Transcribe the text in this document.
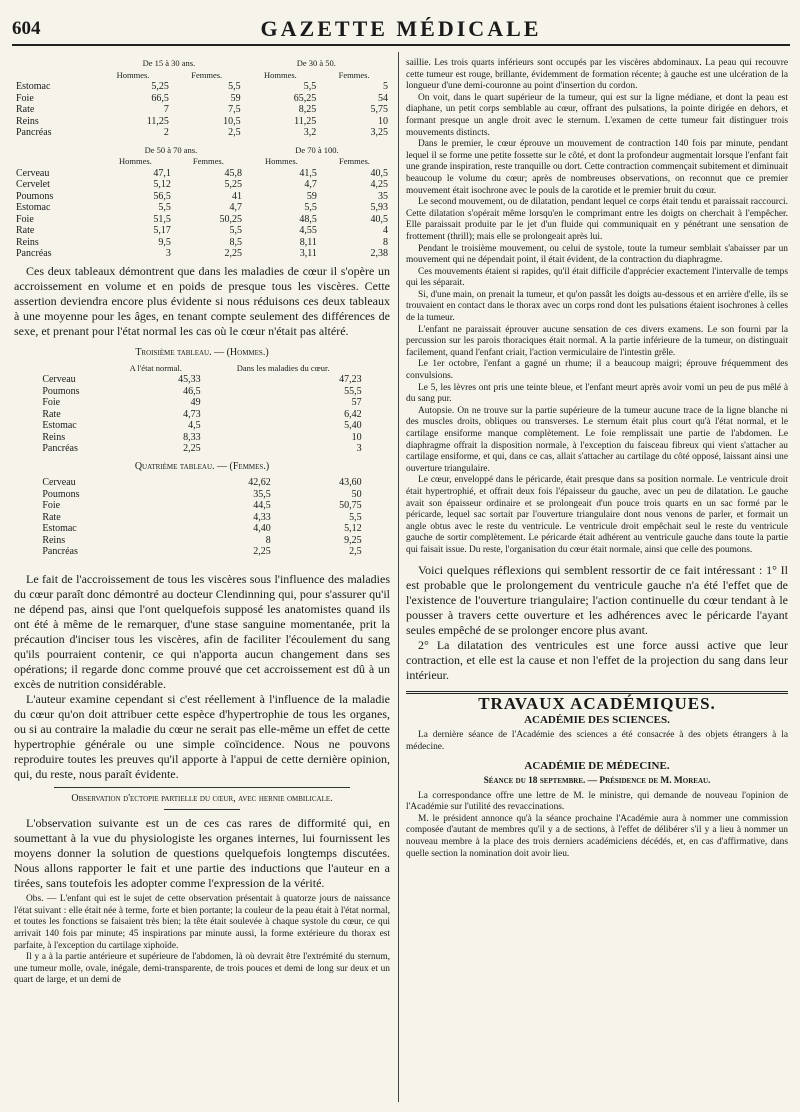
604	GAZETTE MÉDICALE
	De 15 à 30 ans.		De 30 à 50.	
	Hommes.	Femmes.	Hommes.	Femmes.
Estomac	5,25	5,5	5,5	5
Foie	66,5	59	65,25	54
Rate	7	7,5	8,25	5,75
Reins	11,25	10,5	11,25	10
Pancréas	2	2,5	3,2	3,25
	De 50 à 70 ans.		De 70 à 100.	
	Hommes.	Femmes.	Hommes.	Femmes.
Cerveau	47,1	45,8	41,5	40,5
Cervelet	5,12	5,25	4,7	4,25
Poumons	56,5	41	59	35
Estomac	5,5	4,7	5,5	5,93
Foie	51,5	50,25	48,5	40,5
Rate	5,17	5,5	4,55	4
Reins	9,5	8,5	8,11	8
Pancréas	3	2,25	3,11	2,38

Ces deux tableaux démontrent que dans les maladies de cœur il s'opère un accroissement en volume et en poids de presque tous les viscères. Cette assertion deviendra encore plus évidente si nous réduisons ces deux tableaux à une moyenne pour les âges, en tenant compte seulement des différences de sexe, et prenant pour l'état normal les cas où le cœur n'était pas altéré.

Troisième tableau. — (Hommes.)

	A l'état normal.	Dans les maladies du cœur.
Cerveau	45,33	47,23
Poumons	46,5	55,5
Foie	49	57
Rate	4,73	6,42
Estomac	4,5	5,40
Reins	8,33	10
Pancréas	2,25	3

Quatrième tableau. — (Femmes.)

Cerveau	42,62	43,60
Poumons	35,5	50
Foie	44,5	50,75
Rate	4,33	5,5
Estomac	4,40	5,12
Reins	8	9,25
Pancréas	2,25	2,5

Le fait de l'accroissement de tous les viscères sous l'influence des maladies du cœur paraît donc démontré au docteur Clendinning qui, pour s'assurer qu'il ne dépend pas, ainsi que l'ont quelquefois supposé les anatomistes quand ils ont été à même de le remarquer, d'une stase sanguine momentanée, prit la précaution d'inciser tous les viscères, afin de faciliter l'écoulement du sang qu'ils pourraient contenir, ce qui n'apporta aucun changement dans ses opérations; il regarde donc comme prouvé que cet accroissement est dû à un excès de nutrition considérable.

L'auteur examine cependant si c'est réellement à l'influence de la maladie du cœur qu'on doit attribuer cette espèce d'hypertrophie de tous les organes, ou si au contraire la maladie du cœur ne serait pas elle-même un effet de cette hypertrophie générale ou une simple coïncidence. Nous ne pouvons reproduire toutes les preuves qu'il apporte à l'appui de cette dernière opinion, qui, du reste, nous paraît évidente.

Observation d'ectopie partielle du cœur, avec hernie ombilicale.

L'observation suivante est un de ces cas rares de difformité qui, en soumettant à la vue du physiologiste les organes internes, lui fournissent les moyens donner la solution de questions quelquefois longtemps discutées. Nous allons rapporter le fait et une partie des inductions que l'auteur en a tirées, sans toutefois les adopter comme l'expression de la vérité.

Obs. — L'enfant qui est le sujet de cette observation présentait à quatorze jours de naissance l'état suivant : elle était née à terme, forte et bien portante; la couleur de la peau était à l'état normal, et toutes les fonctions se faisaient très bien; la tête était soulevée à chaque systole du cœur, ce qui arrivait 140 fois par minute; 45 inspirations par minute aussi, la forme extérieure du thorax est parfaite, à l'exception du cartilage xiphoïde.

Il y a à la partie antérieure et supérieure de l'abdomen, là où devrait être l'extrémité du sternum, une tumeur molle, ovale, inégale, demi-transparente, de trois pouces et demi de long sur deux et un quart de large, et un demi de

saillie. Les trois quarts inférieurs sont occupés par les viscères abdominaux. La peau qui recouvre cette tumeur est rouge, brillante, évidemment de formation récente; à gauche est une ulcération de la longueur d'une demi-couronne au point d'insertion du cordon.

On voit, dans le quart supérieur de la tumeur, qui est sur la ligne médiane, et dont la peau est diaphane, un petit corps semblable au cœur, offrant des pulsations, la pointe dirigée en dehors, et formant presque un angle droit avec le sternum. L'examen de cette tumeur fait distinguer trois mouvements distincts.

Dans le premier, le cœur éprouve un mouvement de contraction 140 fois par minute, pendant lequel il se forme une petite fossette sur le côté, et dont la profondeur augmentait lorsque l'enfant fait une grande inspiration, reste tranquille ou dort. Cette contraction commençait subitement et diminuait beaucoup le volume du cœur; après de nombreuses observations, on reconnut que ce premier mouvement était isochrone avec le pouls de la carotide et le premier bruit du cœur.

Le second mouvement, ou de dilatation, pendant lequel ce corps était tendu et paraissait raccourci. Cette dilatation s'opérait même lorsqu'en le comprimant entre les doigts on cherchait à l'empêcher. Elle paraissait produite par le jet d'un fluide qui communiquait en y pénétrant une sensation de frottement (thrill); mais elle se prolongeait après lui.

Pendant le troisième mouvement, ou celui de systole, toute la tumeur semblait s'abaisser par un mouvement qui ne dépendait point, il était évident, de la contraction du diaphragme.

Ces mouvements étaient si rapides, qu'il était difficile d'apprécier exactement l'intervalle de temps qui les séparait.

Si, d'une main, on prenait la tumeur, et qu'on passât les doigts au-dessous et en arrière d'elle, ils se trouvaient en contact dans le thorax avec un corps rond dont les pulsations étaient isochrones à celles de la tumeur.

L'enfant ne paraissait éprouver aucune sensation de ces divers examens. Le son fourni par la percussion sur les parois thoraciques était normal. A la partie inférieure de la tumeur, on distinguait facilement, quand l'enfant criait, l'action vermiculaire de l'intestin grêle.

Le 1er octobre, l'enfant a gagné un rhume; il a beaucoup maigri; éprouve fréquemment des convulsions.

Le 5, les lèvres ont pris une teinte bleue, et l'enfant meurt après avoir vomi un peu de pus mêlé à du sang pur.

Autopsie. On ne trouve sur la partie supérieure de la tumeur aucune trace de la ligne blanche ni des muscles droits, obliques ou transverses. Le sternum était plus court qu'à l'état normal, et le cartilage ensiforme manque complètement. Le foie remplissait une partie de l'abdomen. Le diaphragme offrait la disposition normale, à l'exception du faisceau fibreux qui vient s'attacher au cartilage ensiforme, et qui, dans ce cas, allait s'attacher au cartilage du côté opposé, laissant ainsi une ouverture triangulaire.

Le cœur, enveloppé dans le péricarde, était presque dans sa position normale. Le ventricule droit était hypertrophié, et offrait deux fois l'épaisseur du gauche, avec un peu de dilatation. Le gauche avait son épaisseur ordinaire et se prolongeait d'un pouce trois quarts en un sac formé par le péricarde, lequel sac sortait par l'ouverture triangulaire dont nous venons de parler, et formait un angle obtus avec le reste du ventricule. Le ventricule droit empêchait seul le reste du ventricule gauche de sortir complètement. Le péricarde était adhérent au ventricule gauche dans toute la partie qui faisait issue. Du reste, l'organisation du cœur était normale, ainsi que celle des poumons.

Voici quelques réflexions qui semblent ressortir de ce fait intéressant : 1° Il est probable que le prolongement du ventricule gauche n'a été l'effet que de l'existence de l'ouverture triangulaire; l'action continuelle du cœur tendant à le pousser à travers cette ouverture et les adhérences avec le péricarde l'ayant seules empêché de se prolonger encore plus avant.

2° La dilatation des ventricules est une force aussi active que leur contraction, et elle est la cause et non l'effet de la projection du sang dans leur intérieur.

TRAVAUX ACADÉMIQUES.
ACADÉMIE DES SCIENCES.

La dernière séance de l'Académie des sciences a été consacrée à des objets étrangers à la médecine.

ACADÉMIE DE MÉDECINE.

Séance du 18 septembre. — Présidence de M. Moreau.

La correspondance offre une lettre de M. le ministre, qui demande de nouveau l'opinion de l'Académie sur l'utilité des revaccinations.

M. le président annonce qu'à la séance prochaine l'Académie aura à nommer une commission composée d'autant de membres qu'il y a de sections, à l'effet de délibérer s'il y a lieu à nommer un nouveau membre à la place des trois derniers académiciens décédés, et, en cas d'affirmative, dans quelle section la nomination doit avoir lieu.
